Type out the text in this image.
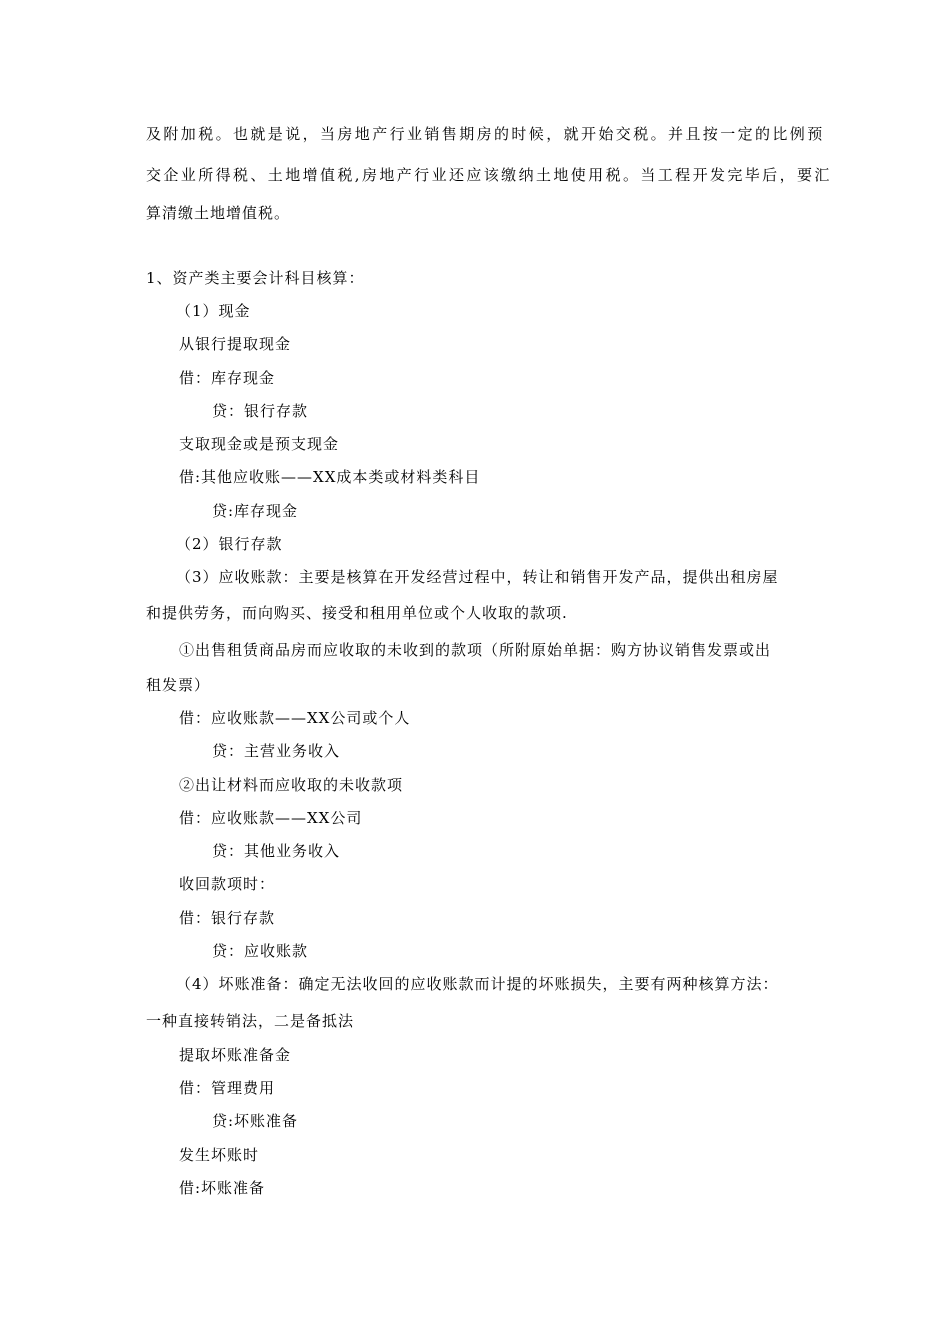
及附加税。也就是说，当房地产行业销售期房的时候，就开始交税。并且按一定的比例预
交企业所得税、土地增值税,房地产行业还应该缴纳土地使用税。当工程开发完毕后，要汇
算清缴土地增值税。
1、资产类主要会计科目核算：
（1）现金
从银行提取现金
借：库存现金
贷：银行存款
支取现金或是预支现金
借:其他应收账——XX成本类或材料类科目
贷:库存现金
（2）银行存款
（3）应收账款：主要是核算在开发经营过程中，转让和销售开发产品，提供出租房屋
和提供劳务，而向购买、接受和租用单位或个人收取的款项.
①出售租赁商品房而应收取的未收到的款项（所附原始单据：购方协议销售发票或出
租发票）
借：应收账款——XX公司或个人
贷：主营业务收入
②出让材料而应收取的未收款项
借：应收账款——XX公司
贷：其他业务收入
收回款项时：
借：银行存款
贷：应收账款
（4）坏账准备：确定无法收回的应收账款而计提的坏账损失，主要有两种核算方法：
一种直接转销法，二是备抵法
提取坏账准备金
借：管理费用
贷:坏账准备
发生坏账时
借:坏账准备
